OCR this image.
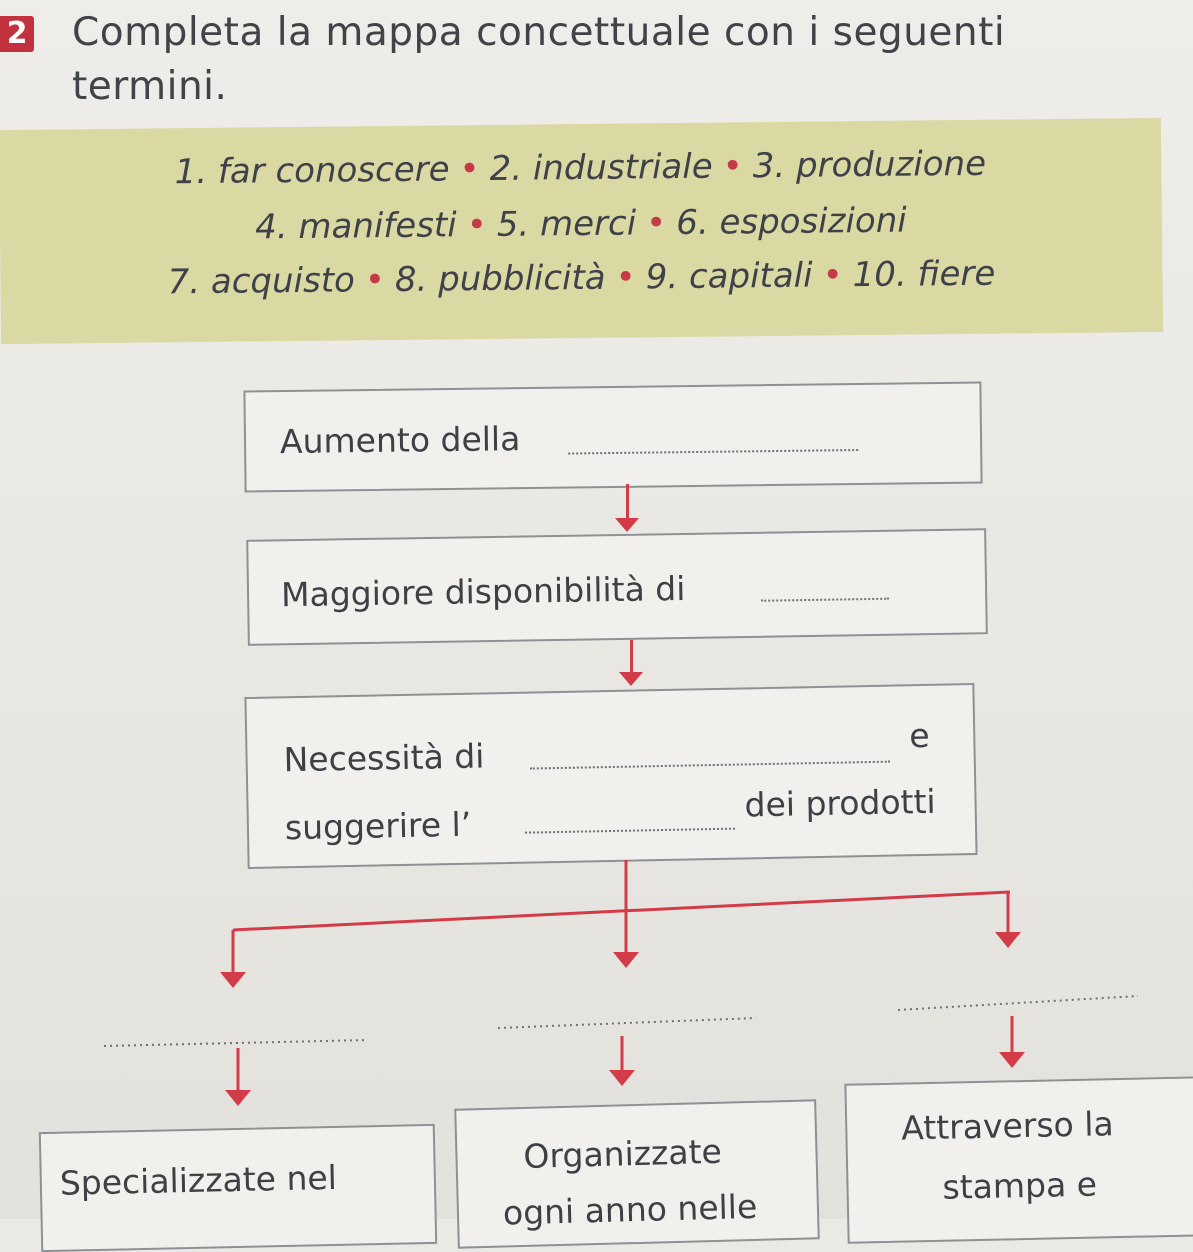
2 Completa la mappa concettuale con i seguenti
termini.
1. far conoscere • 2. industriale • 3. produzione
4. manifesti • 5. merci • 6. esposizioni
7. acquisto • 8. pubblicità • 9. capitali • 10. fiere
Aumento della
Maggiore disponibilità di
Necessità di
e
suggerire l’
dei prodotti
Specializzate nel
Organizzate
ogni anno nelle
Attraverso la
stampa e
